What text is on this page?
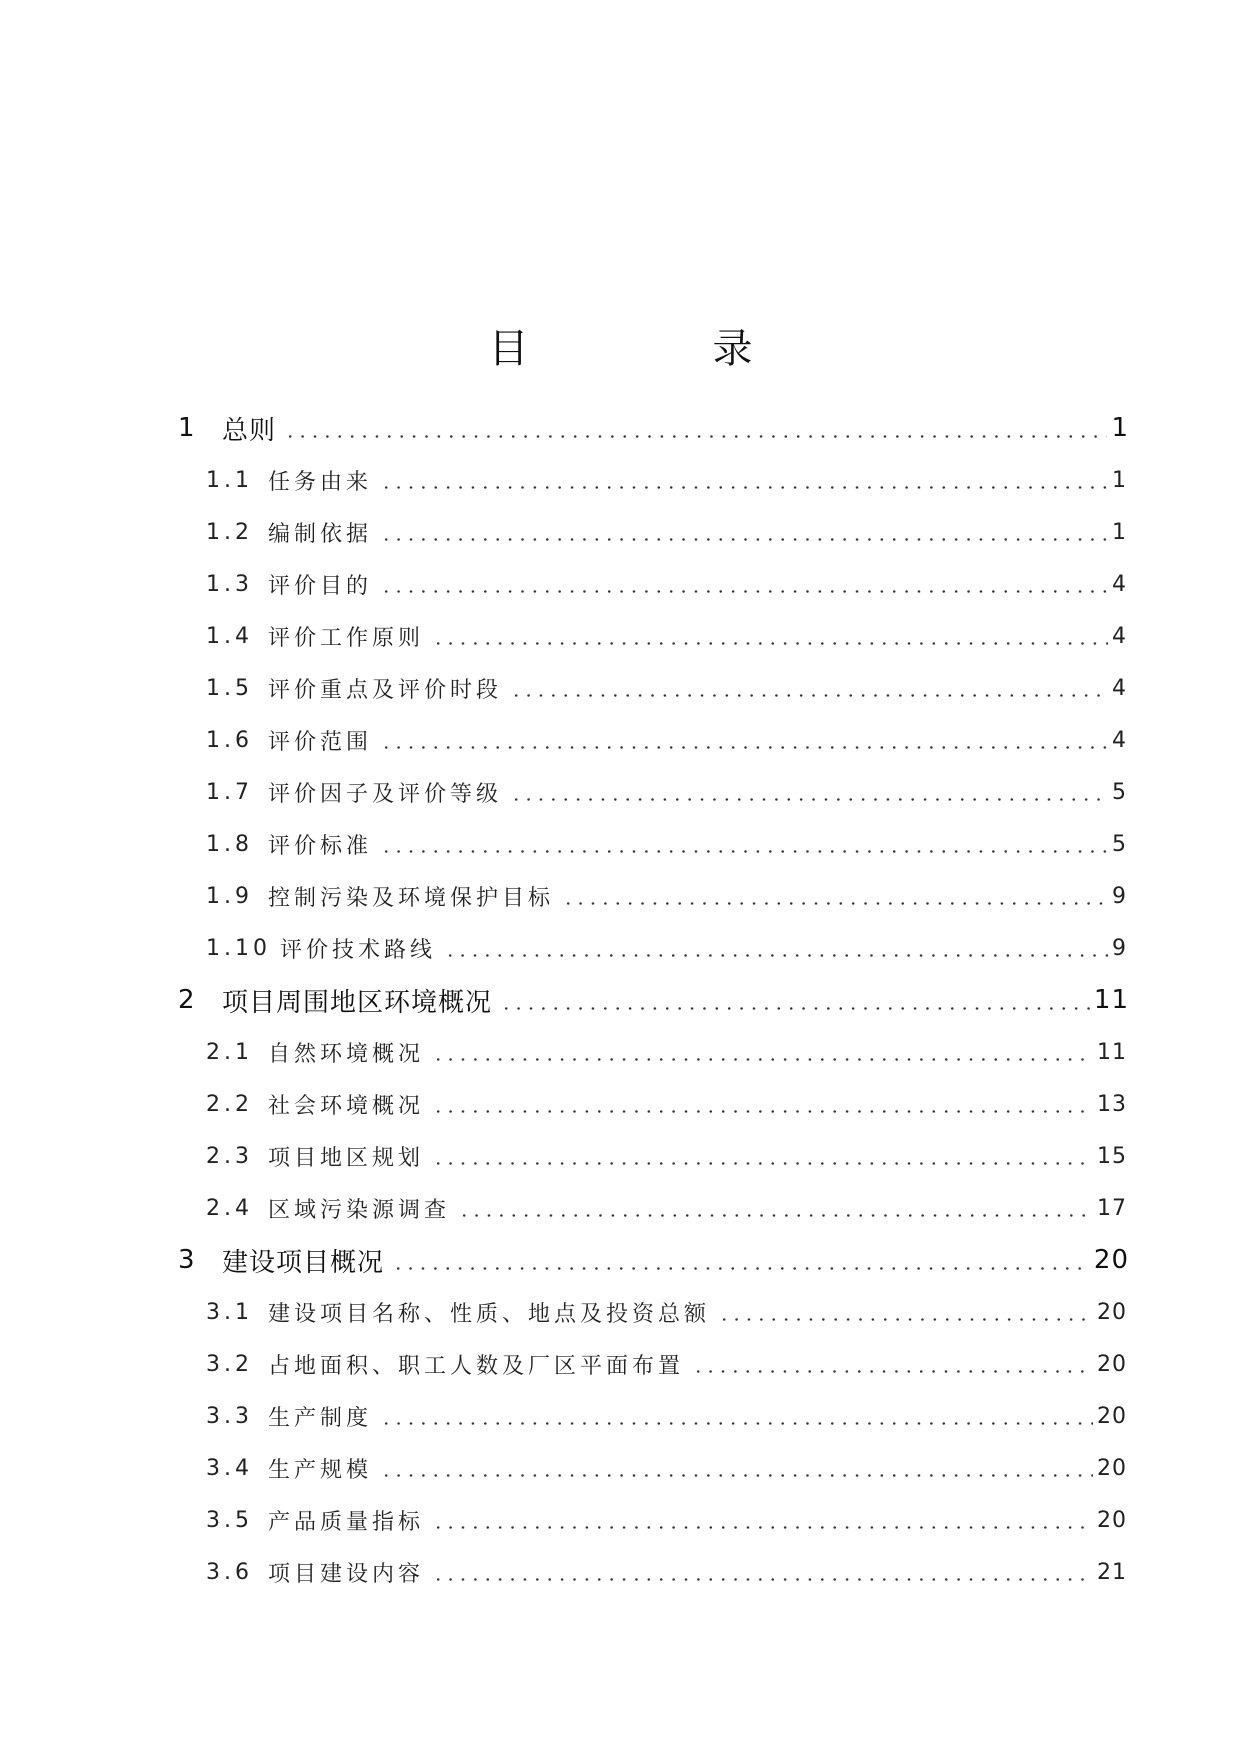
目　录
1	总则	1
1.1 任务由来	1
1.2 编制依据	1
1.3 评价目的	4
1.4 评价工作原则	4
1.5 评价重点及评价时段	4
1.6 评价范围	4
1.7 评价因子及评价等级	5
1.8 评价标准	5
1.9 控制污染及环境保护目标	9
1.10 评价技术路线	9
2	项目周围地区环境概况	11
2.1 自然环境概况	11
2.2 社会环境概况	13
2.3 项目地区规划	15
2.4 区域污染源调查	17
3	建设项目概况	20
3.1 建设项目名称、性质、地点及投资总额	20
3.2 占地面积、职工人数及厂区平面布置	20
3.3 生产制度	20
3.4 生产规模	20
3.5 产品质量指标	20
3.6 项目建设内容	21
